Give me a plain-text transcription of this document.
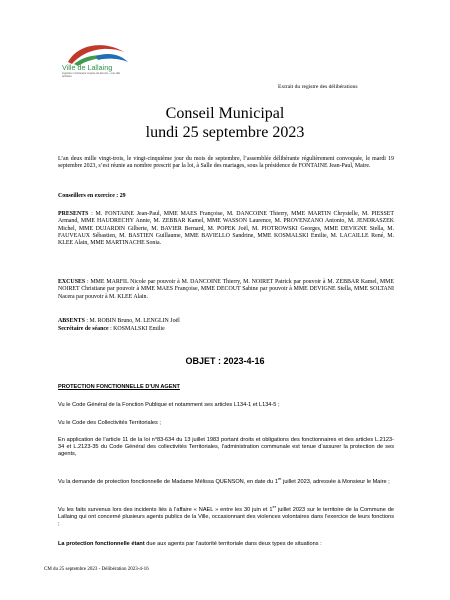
Ville de Lallaing
ingénieur contracteur espace de demain - une ville ambition
Extrait du registre des délibérations
Conseil Municipal
lundi 25 septembre 2023
L’an deux mille vingt-trois, le vingt-cinquième jour du mois de septembre, l’assemblée délibérante régulièrement convoquée, le mardi 19 septembre 2023, s’est réunie au nombre prescrit par la loi, à Salle des mariages, sous la présidence de FONTAINE Jean-Paul, Maire.
Conseillers en exercice : 29
PRESENTS : M. FONTAINE Jean-Paul, MME MAES Françoise, M. DANCOINE Thierry, MME MARTIN Chrystelle, M. PIESSET Armand, MME HAUDRECHY Annie, M. ZEBBAR Kamel, MME WASSON Laurence, M. PROVENZANO Antonio, M. JENDRASZEK Michel, MME DUJARDIN Gilberte, M. BAVIER Bernard, M. POPEK Joël, M. PIOTROWSKI Georges, MME DEVIGNE Stella, M. FAUVEAUX Sébastien, M. BASTIEN Guillaume, MME BAVIELLO Sandrine, MME KOSMALSKI Emilie, M. LACAILLE René, M. KLEE Alain, MME MARTINACHE Sonia.
EXCUSES : MME MARFIL Nicole par pouvoir à M. DANCOINE Thierry, M. NOIRET Patrick par pouvoir à M. ZEBBAR Kamel, MME NOIRET Christiane par pouvoir à MME MAES Françoise, MME DECOUT Sabine par pouvoir à MME DEVIGNE Stella, MME SOLTANI Nacera par pouvoir à M. KLEE Alain.
ABSENTS : M. ROBIN Bruno, M. LENGLIN Joël
Secrétaire de séance : KOSMALSKI Emilie
OBJET : 2023-4-16
PROTECTION FONCTIONNELLE D’UN AGENT
Vu le Code Général de la Fonction Publique et notamment ses articles L134-1 et L134-5 ;
Vu le Code des Collectivités Territoriales ;
En application de l’article 11 de la loi n°83-634 du 13 juillet 1983 portant droits et obligations des fonctionnaires et des articles L.2123-34 et L.2123-35 du Code Général des collectivités Territoriales, l’administration communale est tenue d’assurer la protection de ses agents,
Vu la demande de protection fonctionnelle de Madame Mélissa QUENSON, en date du 1er juillet 2023, adressée à Monsieur le Maire ;
Vu les faits survenus lors des incidents liés à l’affaire « NAEL » entre les 30 juin et 1er juillet 2023 sur le territoire de la Commune de Lallaing qui ont concerné plusieurs agents publics de la Ville, occasionnant des violences volontaires dans l’exercice de leurs fonctions ;
La protection fonctionnelle étant due aux agents par l’autorité territoriale dans deux types de situations :
CM du 25 septembre 2023 - Délibération 2023-4-16
